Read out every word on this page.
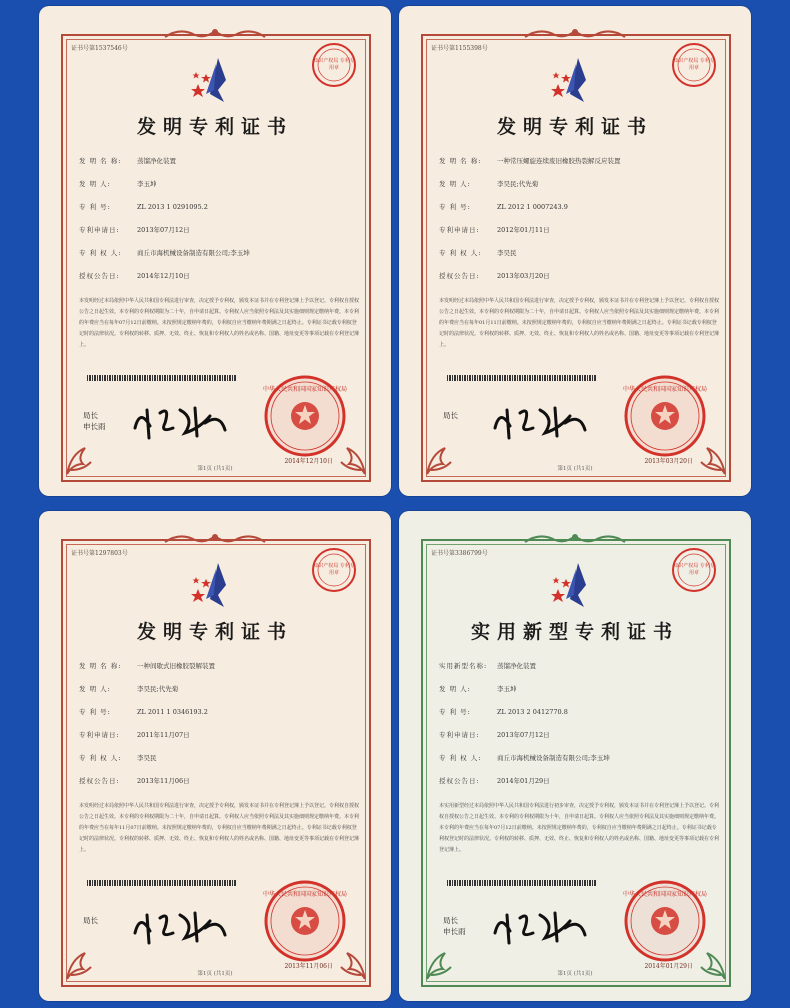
证书号第1537546号
知识产权局 专利专用章
发明专利证书
发 明 名 称: 蒸馏净化装置
发 明 人:	李玉坤
专 利 号:	ZL 2013 1 0291095.2
专利申请日:	2013年07月12日
专 利 权 人: 商丘市海机械设备制造有限公司;李玉坤
授权公告日:	2014年12月10日
本发明经过本局依照中华人民共和国专利法进行审查，决定授予专利权，颁发本证书并在专利登记簿上予以登记。专利权自授权公告之日起生效。本专利的专利权期限为二十年，自申请日起算。专利权人应当依照专利法及其实施细则规定缴纳年费。本专利的年费应当在每年07月12日前缴纳。未按照规定缴纳年费的，专利权自应当缴纳年费期满之日起终止。专利证书记载专利权登记时的法律状况。专利权的转移、质押、无效、终止、恢复和专利权人的姓名或名称、国籍、地址变更等事项记载在专利登记簿上。
局长
申长雨
中华人民共和国国家知识产权局
2014年12月10日
第1页 (共1页)
证书号第1155398号
知识产权局 专利专用章
发明专利证书
发 明 名 称: 一种常压螺旋连续废旧橡胶热裂解反应装置
发 明 人:	李昊民;代先菊
专 利 号:	ZL 2012 1 0007243.9
专利申请日:	2012年01月11日
专 利 权 人: 李昊民
授权公告日:	2013年03月20日
本发明经过本局依照中华人民共和国专利法进行审查，决定授予专利权，颁发本证书并在专利登记簿上予以登记。专利权自授权公告之日起生效。本专利的专利权期限为二十年，自申请日起算。专利权人应当依照专利法及其实施细则规定缴纳年费。本专利的年费应当在每年01月11日前缴纳。未按照规定缴纳年费的，专利权自应当缴纳年费期满之日起终止。专利证书记载专利权登记时的法律状况。专利权的转移、质押、无效、终止、恢复和专利权人的姓名或名称、国籍、地址变更等事项记载在专利登记簿上。
局长
中华人民共和国国家知识产权局
2013年03月20日
第1页 (共1页)
证书号第1297803号
知识产权局 专利专用章
发明专利证书
发 明 名 称: 一种间歇式旧橡胶裂解装置
发 明 人:	李昊民;代先菊
专 利 号:	ZL 2011 1 0346193.2
专利申请日:	2011年11月07日
专 利 权 人: 李昊民
授权公告日:	2013年11月06日
本发明经过本局依照中华人民共和国专利法进行审查，决定授予专利权，颁发本证书并在专利登记簿上予以登记。专利权自授权公告之日起生效。本专利的专利权期限为二十年，自申请日起算。专利权人应当依照专利法及其实施细则规定缴纳年费。本专利的年费应当在每年11月07日前缴纳。未按照规定缴纳年费的，专利权自应当缴纳年费期满之日起终止。专利证书记载专利权登记时的法律状况。专利权的转移、质押、无效、终止、恢复和专利权人的姓名或名称、国籍、地址变更等事项记载在专利登记簿上。
局长
中华人民共和国国家知识产权局
2013年11月06日
第1页 (共1页)
证书号第3386799号
知识产权局 专利专用章
实用新型专利证书
实用新型名称: 蒸馏净化装置
发 明 人:	李玉坤
专 利 号:	ZL 2013 2 0412770.8
专利申请日:	2013年07月12日
专 利 权 人: 商丘市海机械设备制造有限公司;李玉坤
授权公告日:	2014年01月29日
本实用新型经过本局依照中华人民共和国专利法进行初步审查，决定授予专利权，颁发本证书并在专利登记簿上予以登记。专利权自授权公告之日起生效。本专利的专利权期限为十年，自申请日起算。专利权人应当依照专利法及其实施细则规定缴纳年费。本专利的年费应当在每年07月12日前缴纳。未按照规定缴纳年费的，专利权自应当缴纳年费期满之日起终止。专利证书记载专利权登记时的法律状况。专利权的转移、质押、无效、终止、恢复和专利权人的姓名或名称、国籍、地址变更等事项记载在专利登记簿上。
局长
申长雨
中华人民共和国国家知识产权局
2014年01月29日
第1页 (共1页)
